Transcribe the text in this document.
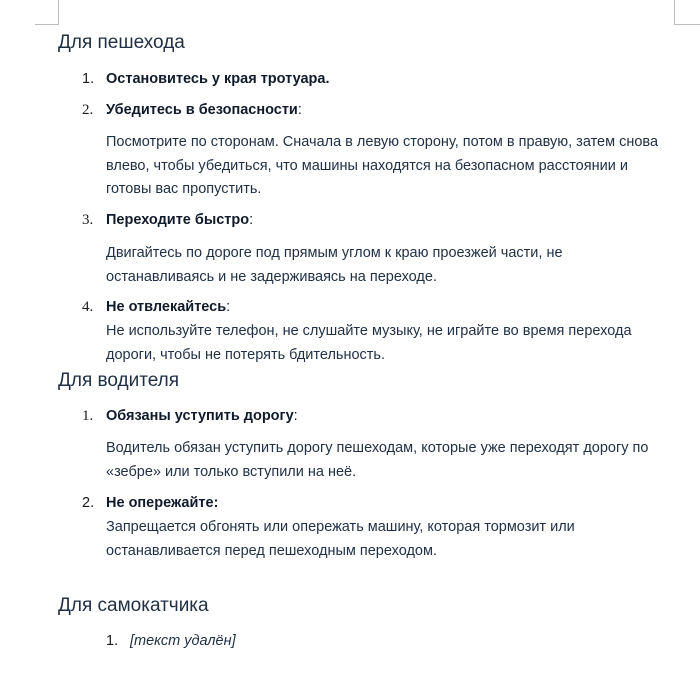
Для пешехода
1. Остановитесь у края тротуара.
2. Убедитесь в безопасности:
Посмотрите по сторонам. Сначала в левую сторону, потом в правую, затем снова влево, чтобы убедиться, что машины находятся на безопасном расстоянии и готовы вас пропустить.
3. Переходите быстро:
Двигайтесь по дороге под прямым углом к краю проезжей части, не останавливаясь и не задерживаясь на переходе.
4. Не отвлекайтесь:
Не используйте телефон, не слушайте музыку, не играйте во время перехода дороги, чтобы не потерять бдительность.
Для водителя
1. Обязаны уступить дорогу:
Водитель обязан уступить дорогу пешеходам, которые уже переходят дорогу по «зебре» или только вступили на неё.
2. Не опережайте:
Запрещается обгонять или опережать машину, которая тормозит или останавливается перед пешеходным переходом.
Для самокатчика
1. [текст удалён]
